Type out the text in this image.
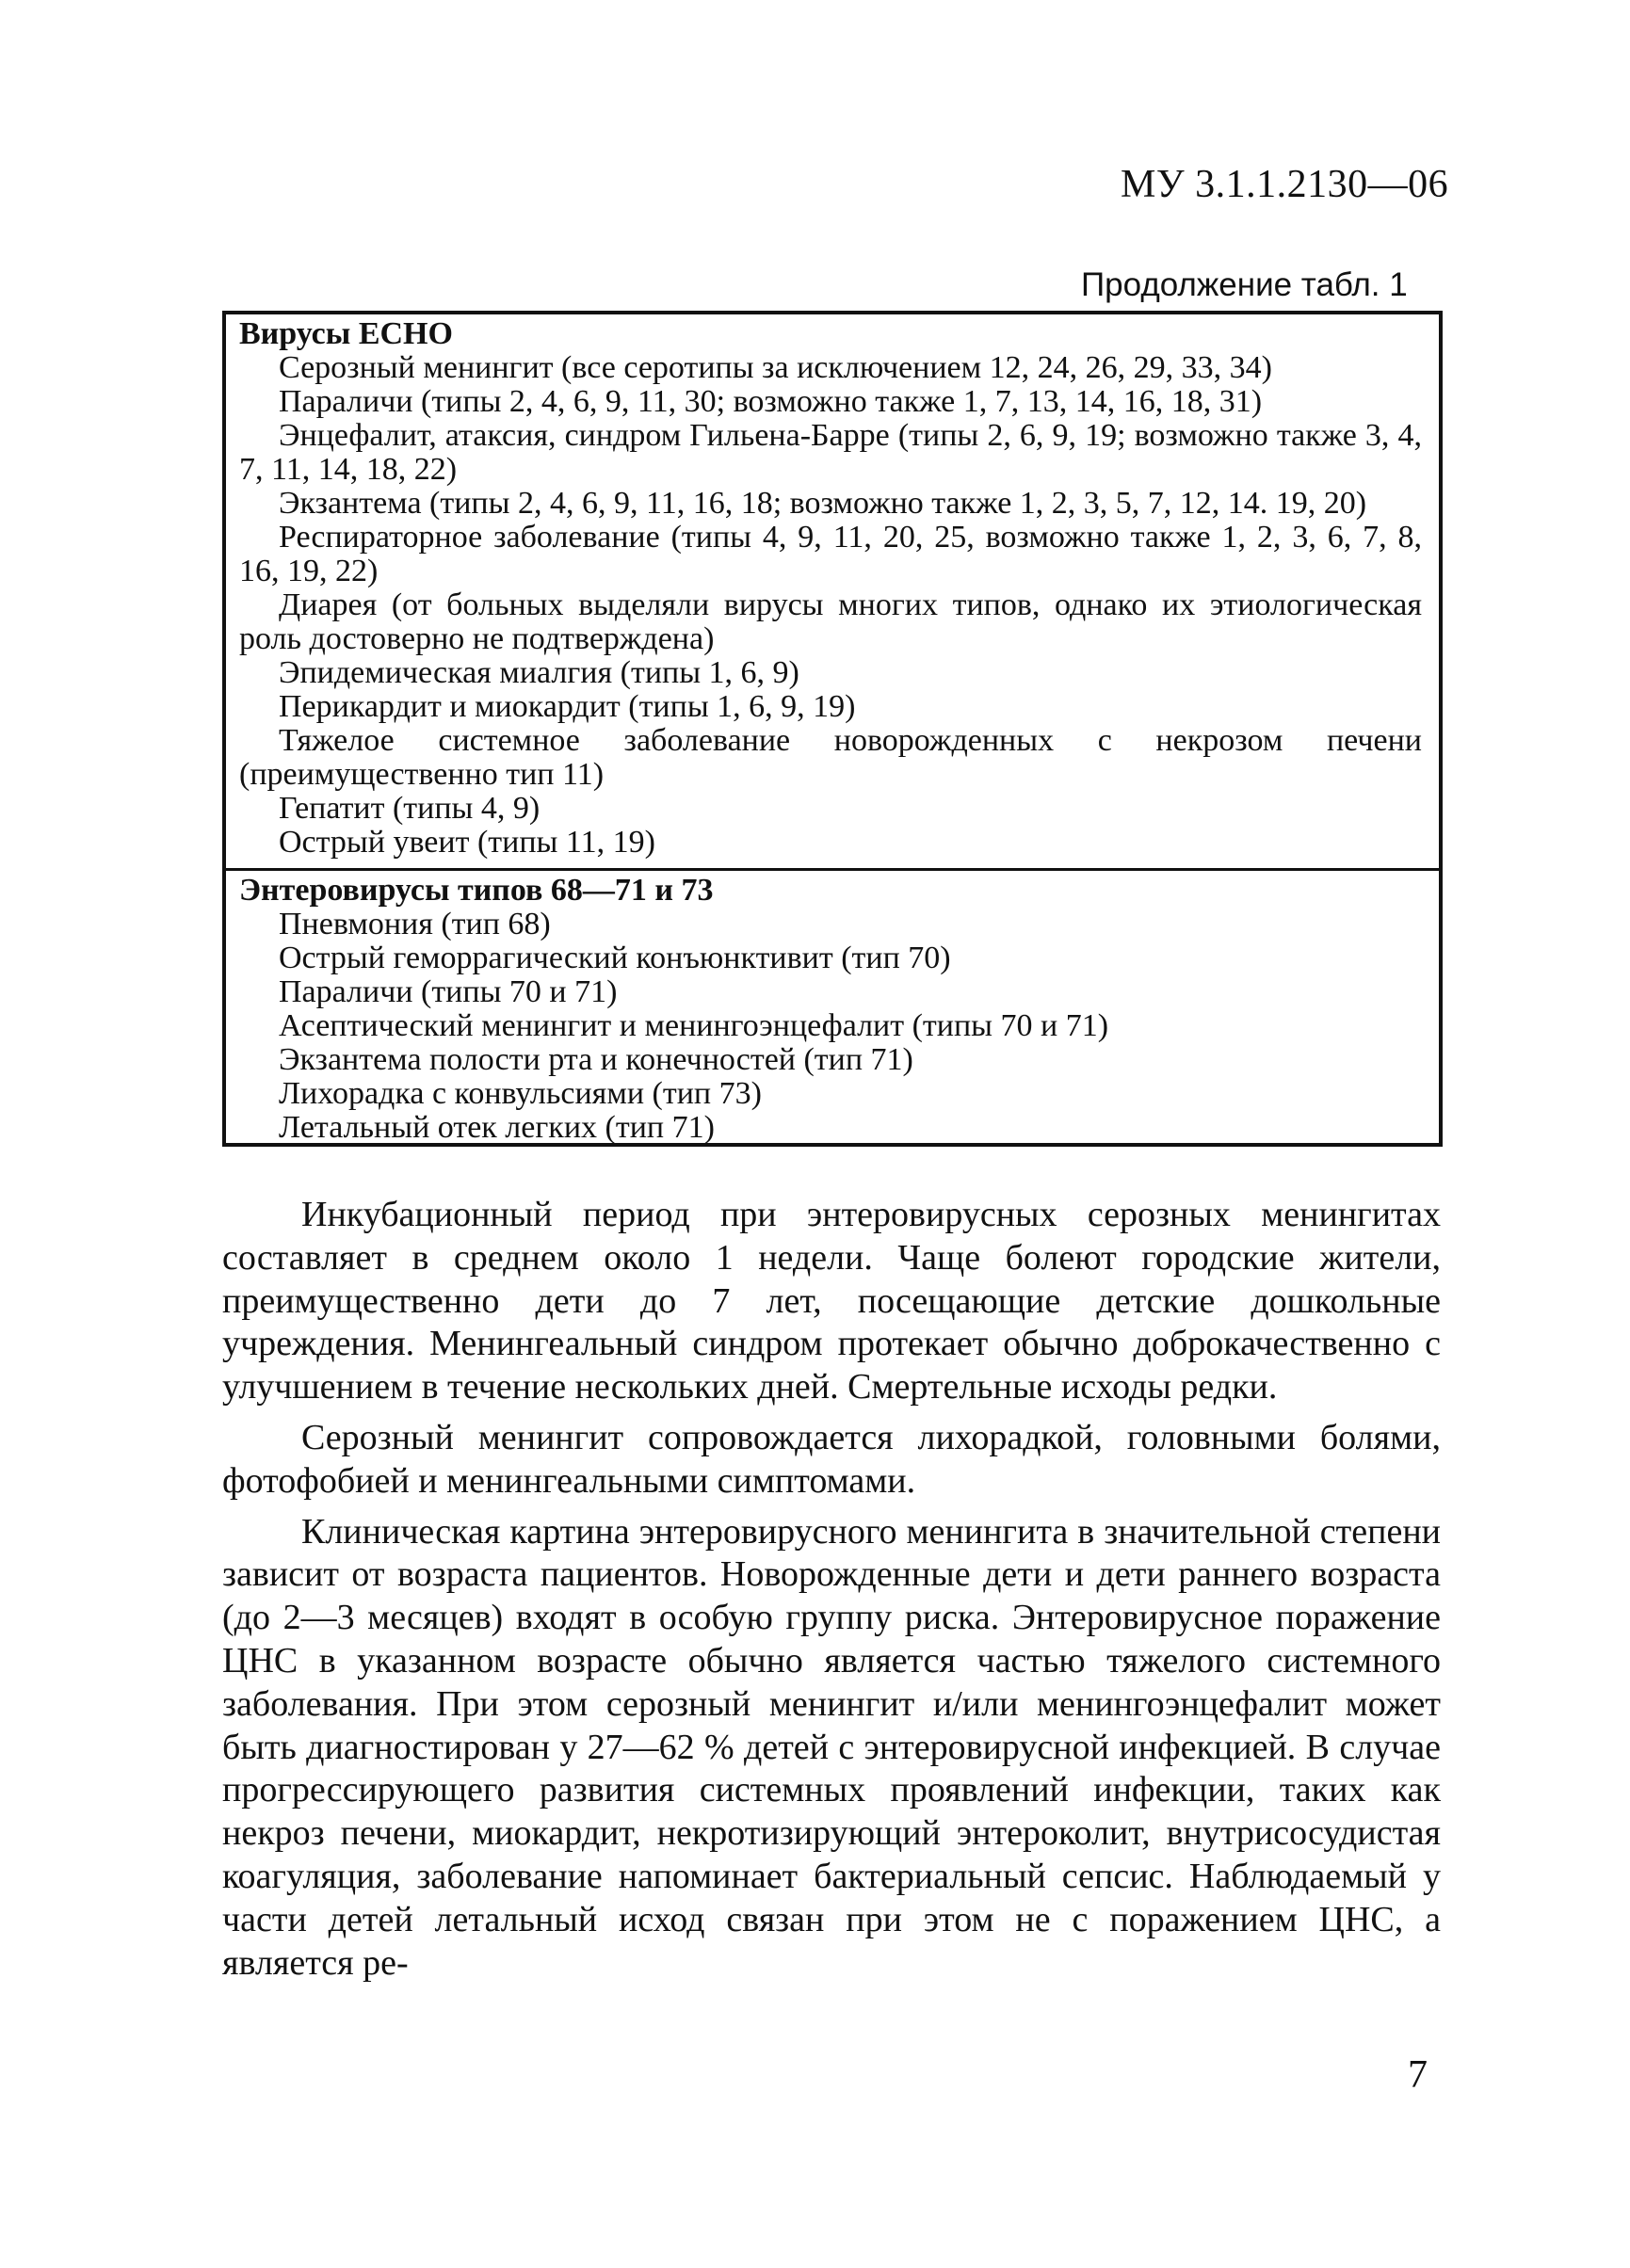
МУ 3.1.1.2130—06
Продолжение табл. 1
Вирусы ЕСНО
Серозный менингит (все серотипы за исключением 12, 24, 26, 29, 33, 34)
Параличи (типы 2, 4, 6, 9, 11, 30; возможно также 1, 7, 13, 14, 16, 18, 31)
Энцефалит, атаксия, синдром Гильена-Барре (типы 2, 6, 9, 19; возможно также 3, 4, 7, 11, 14, 18, 22)
Экзантема (типы 2, 4, 6, 9, 11, 16, 18; возможно также 1, 2, 3, 5, 7, 12, 14. 19, 20)
Респираторное заболевание (типы 4, 9, 11, 20, 25, возможно также 1, 2, 3, 6, 7, 8, 16, 19, 22)
Диарея (от больных выделяли вирусы многих типов, однако их этиологическая роль достоверно не подтверждена)
Эпидемическая миалгия (типы 1, 6, 9)
Перикардит и миокардит (типы 1, 6, 9, 19)
Тяжелое системное заболевание новорожденных с некрозом печени (преимущественно тип 11)
Гепатит (типы 4, 9)
Острый увеит (типы 11, 19)
Энтеровирусы типов 68—71 и 73
Пневмония (тип 68)
Острый геморрагический конъюнктивит (тип 70)
Параличи (типы 70 и 71)
Асептический менингит и менингоэнцефалит (типы 70 и 71)
Экзантема полости рта и конечностей (тип 71)
Лихорадка с конвульсиями (тип 73)
Летальный отек легких (тип 71)

Инкубационный период при энтеровирусных серозных менингитах составляет в среднем около 1 недели. Чаще болеют городские жители, преимущественно дети до 7 лет, посещающие детские дошкольные учреждения. Менингеальный синдром протекает обычно доброкачественно с улучшением в течение нескольких дней. Смертельные исходы редки.

Серозный менингит сопровождается лихорадкой, головными болями, фотофобией и менингеальными симптомами.

Клиническая картина энтеровирусного менингита в значительной степени зависит от возраста пациентов. Новорожденные дети и дети раннего возраста (до 2—3 месяцев) входят в особую группу риска. Энтеровирусное поражение ЦНС в указанном возрасте обычно является частью тяжелого системного заболевания. При этом серозный менингит и/или менингоэнцефалит может быть диагностирован у 27—62 % детей с энтеровирусной инфекцией. В случае прогрессирующего развития системных проявлений инфекции, таких как некроз печени, миокардит, некротизирующий энтероколит, внутрисосудистая коагуляция, заболевание напоминает бактериальный сепсис. Наблюдаемый у части детей летальный исход связан при этом не с поражением ЦНС, а является ре-

7
